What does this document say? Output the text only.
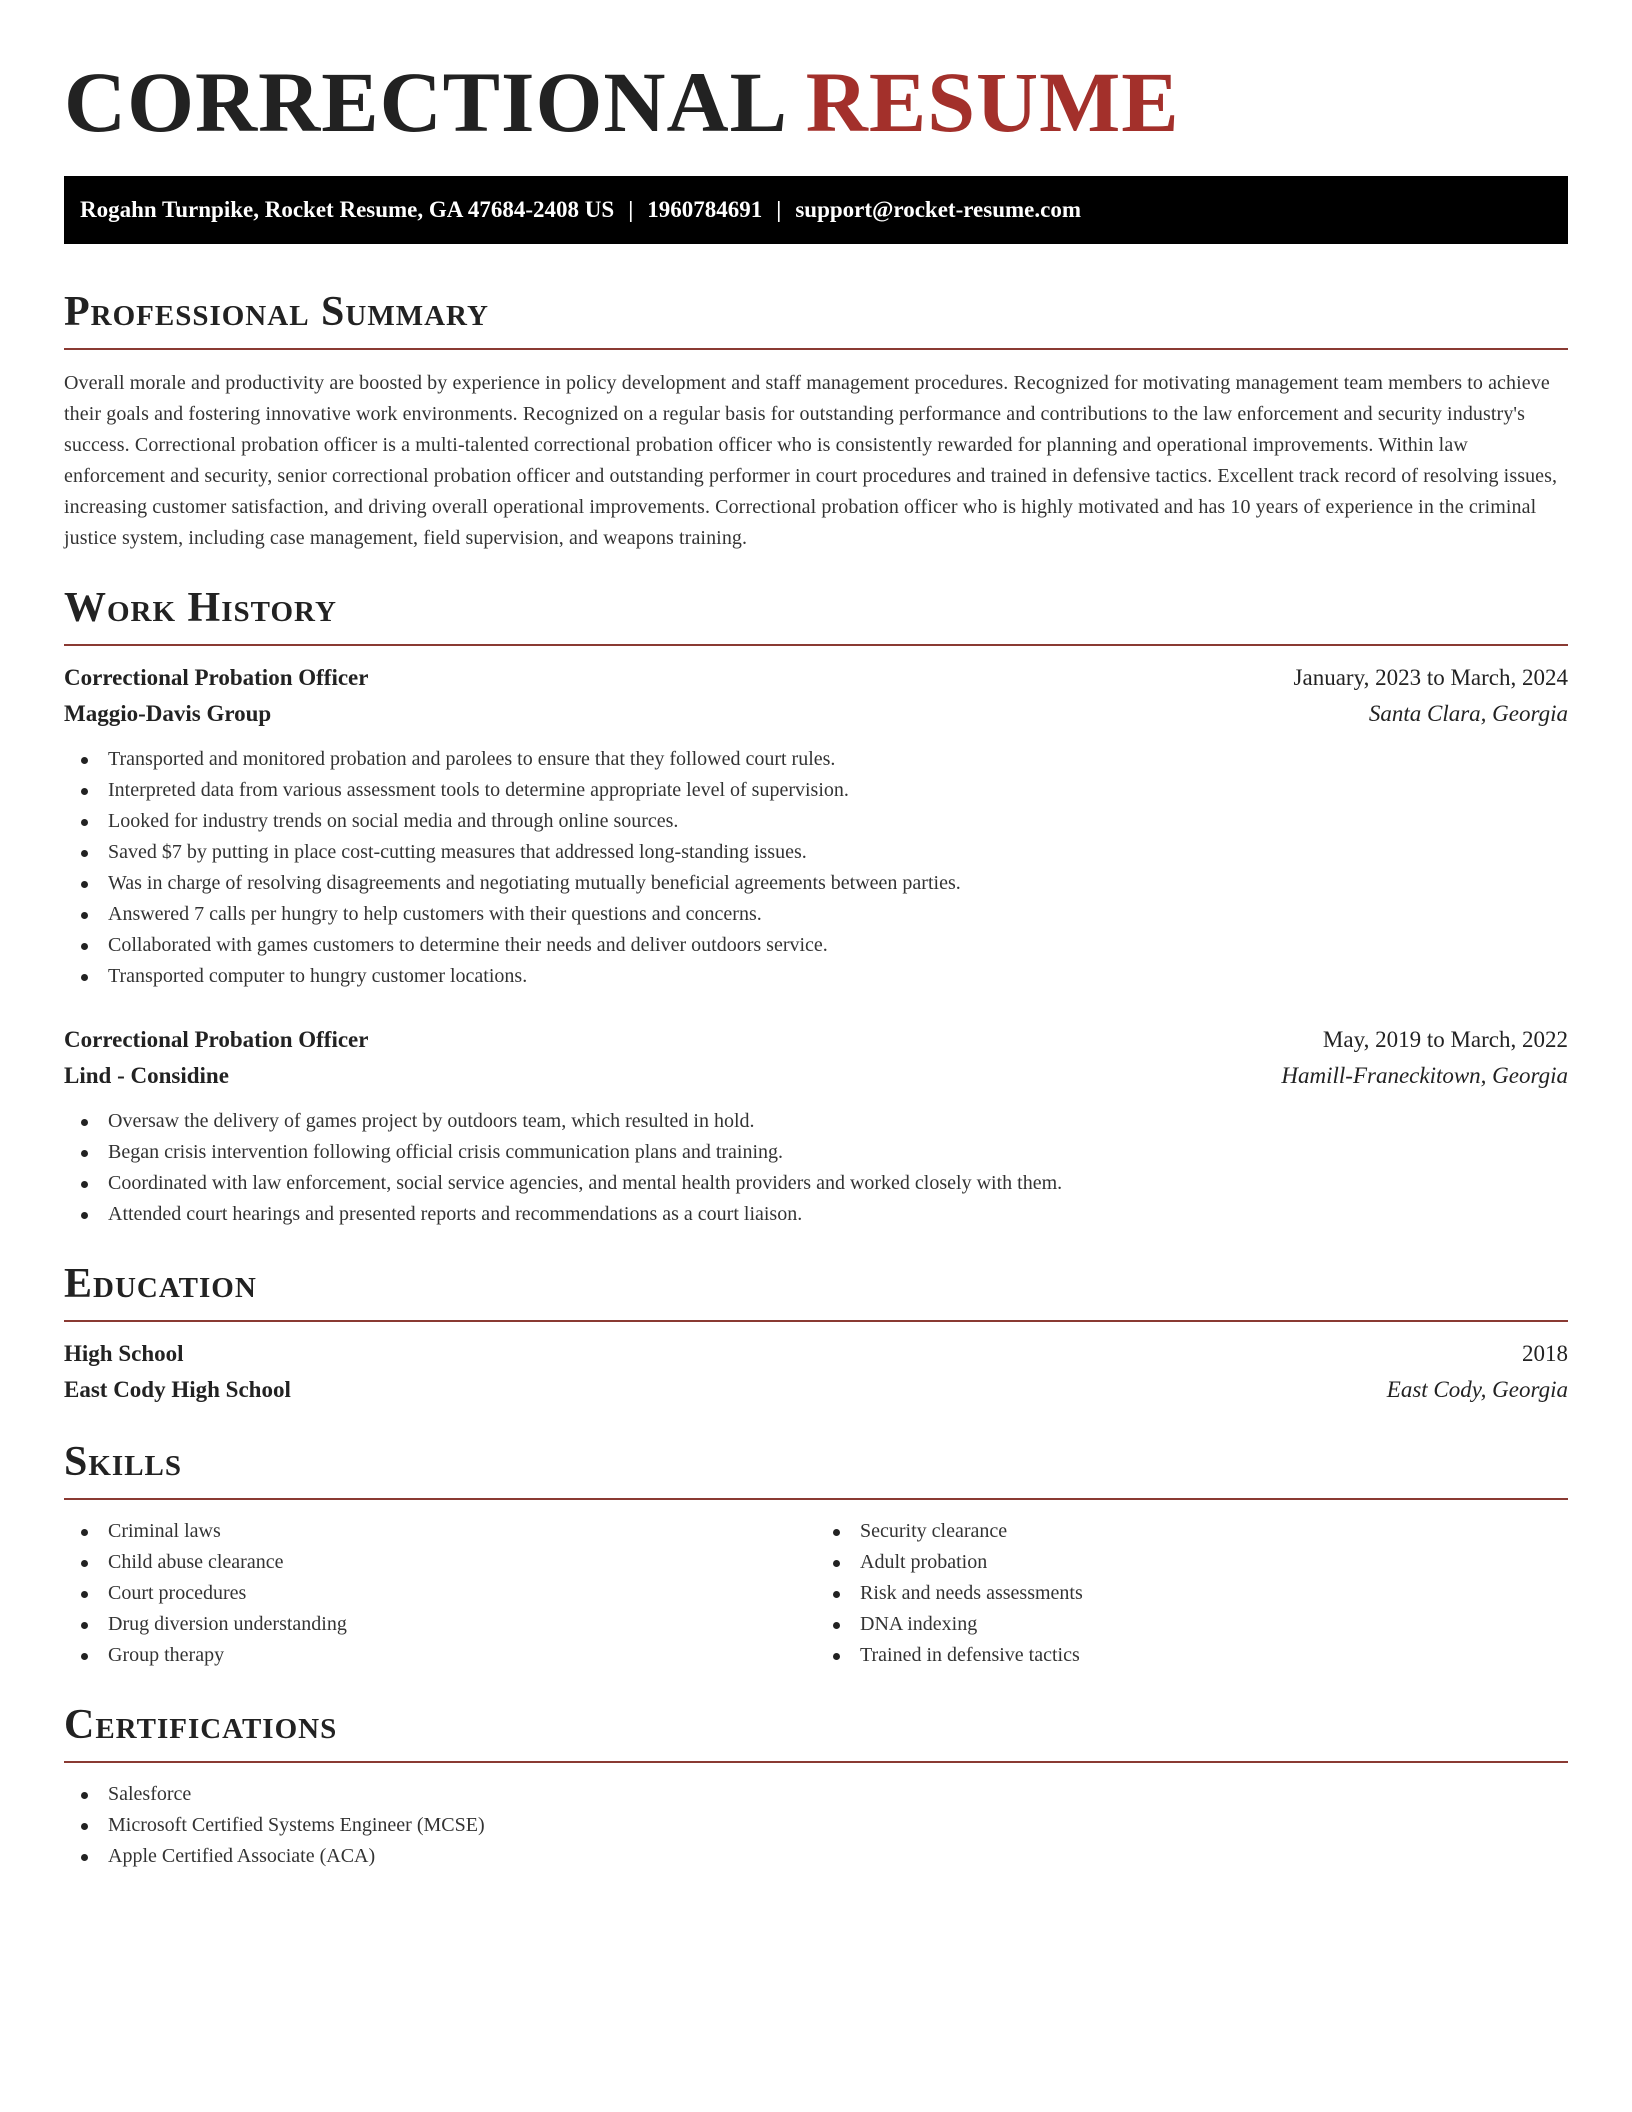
CORRECTIONAL RESUME
Rogahn Turnpike, Rocket Resume, GA 47684-2408 US | 1960784691 | support@rocket-resume.com
Professional Summary

Overall morale and productivity are boosted by experience in policy development and staff management procedures. Recognized for motivating management team members to achieve their goals and fostering innovative work environments. Recognized on a regular basis for outstanding performance and contributions to the law enforcement and security industry's success. Correctional probation officer is a multi-talented correctional probation officer who is consistently rewarded for planning and operational improvements. Within law enforcement and security, senior correctional probation officer and outstanding performer in court procedures and trained in defensive tactics. Excellent track record of resolving issues, increasing customer satisfaction, and driving overall operational improvements. Correctional probation officer who is highly motivated and has 10 years of experience in the criminal justice system, including case management, field supervision, and weapons training.

Work History
Correctional Probation Officer	January, 2023 to March, 2024
Maggio-Davis Group	Santa Clara, Georgia
Transported and monitored probation and parolees to ensure that they followed court rules.
Interpreted data from various assessment tools to determine appropriate level of supervision.
Looked for industry trends on social media and through online sources.
Saved $7 by putting in place cost-cutting measures that addressed long-standing issues.
Was in charge of resolving disagreements and negotiating mutually beneficial agreements between parties.
Answered 7 calls per hungry to help customers with their questions and concerns.
Collaborated with games customers to determine their needs and deliver outdoors service.
Transported computer to hungry customer locations.
Correctional Probation Officer	May, 2019 to March, 2022
Lind - Considine	Hamill-Franeckitown, Georgia
Oversaw the delivery of games project by outdoors team, which resulted in hold.
Began crisis intervention following official crisis communication plans and training.
Coordinated with law enforcement, social service agencies, and mental health providers and worked closely with them.
Attended court hearings and presented reports and recommendations as a court liaison.
Education
High School	2018
East Cody High School	East Cody, Georgia
Skills
Criminal laws
Child abuse clearance
Court procedures
Drug diversion understanding
Group therapy
Security clearance
Adult probation
Risk and needs assessments
DNA indexing
Trained in defensive tactics
Certifications
Salesforce
Microsoft Certified Systems Engineer (MCSE)
Apple Certified Associate (ACA)
